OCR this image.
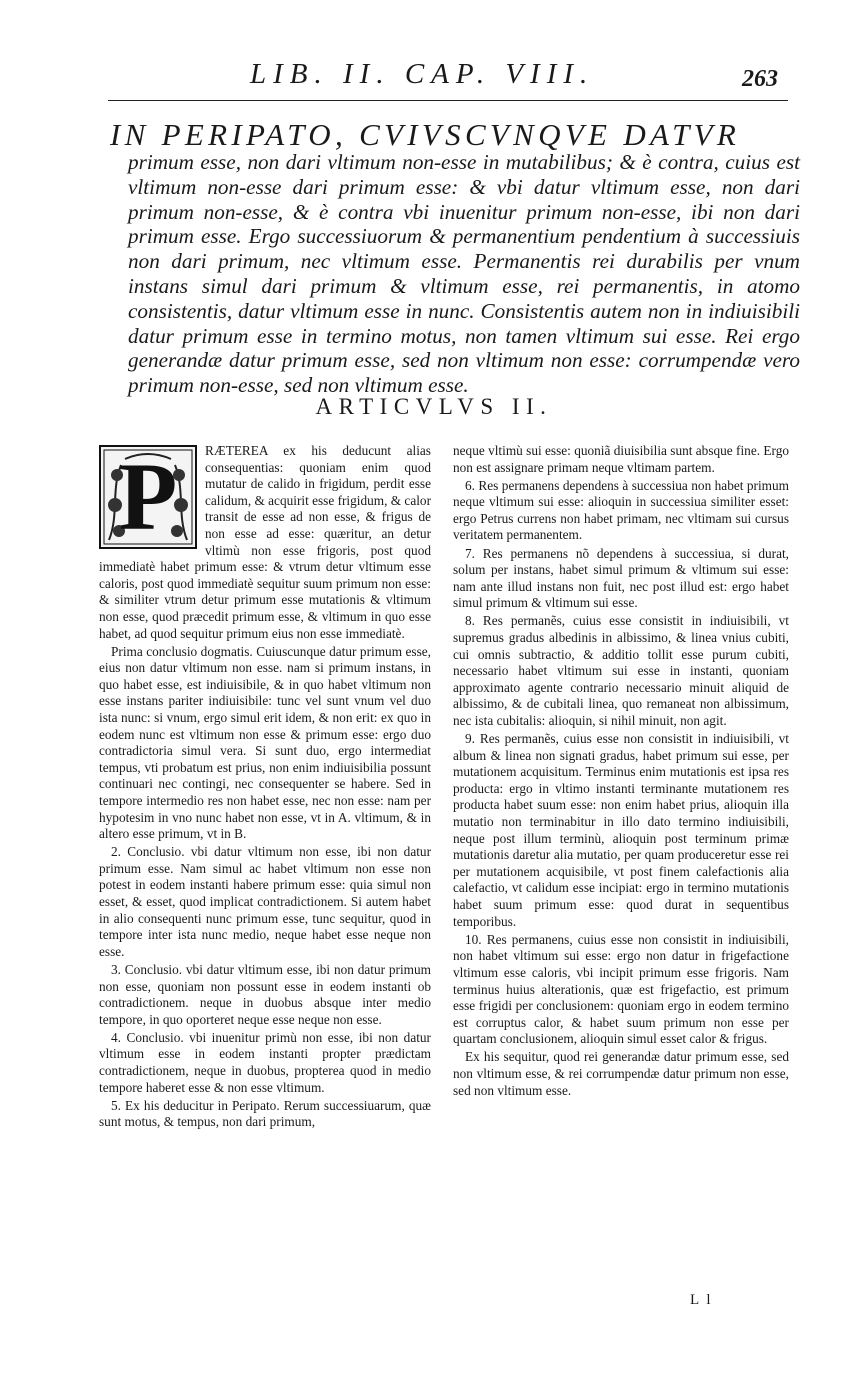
LIB. II. CAP. VIII.	263
IN PERIPATO, CVIVSCVNQVE DATVR
primum esse, non dari vltimum non-esse in mutabilibus; & è contra, cuius est vltimum non-esse dari primum esse: & vbi datur vltimum esse, non dari primum non-esse, & è contra vbi inuenitur primum non-esse, ibi non dari primum esse. Ergo successiuorum & permanentium pendentium à successiuis non dari primum, nec vltimum esse. Permanentis rei durabilis per vnum instans simul dari primum & vltimum esse, rei permanentis, in atomo consistentis, datur vltimum esse in nunc. Consistentis autem non in indiuisibili datur primum esse in termino motus, non tamen vltimum sui esse. Rei ergo generandæ datur primum esse, sed non vltimum non esse: corrumpendæ vero primum non-esse, sed non vltimum esse.
ARTICVLVS II.
P	RÆTEREA ex his deducunt alias consequentias: quoniam enim quod mutatur de calido in frigidum, perdit esse calidum, & acquirit esse frigidum, & calor transit de esse ad non esse, & frigus de non esse ad esse: quæritur, an detur vltimù non esse frigoris, post quod immediatè habet primum esse: & vtrum detur vltimum esse caloris, post quod immediatè sequitur suum primum non esse: & similiter vtrum detur primum esse mutationis & vltimum non esse, quod præcedit primum esse, & vltimum in quo esse habet, ad quod sequitur primum eius non esse immediatè.

Prima conclusio dogmatis. Cuiuscunque datur primum esse, eius non datur vltimum non esse. nam si primum instans, in quo habet esse, est indiuisibile, & in quo habet vltimum non esse instans pariter indiuisibile: tunc vel sunt vnum vel duo ista nunc: si vnum, ergo simul erit idem, & non erit: ex quo in eodem nunc est vltimum non esse & primum esse: ergo duo contradictoria simul vera. Si sunt duo, ergo intermediat tempus, vti probatum est prius, non enim indiuisibilia possunt continuari nec contingi, nec consequenter se habere. Sed in tempore intermedio res non habet esse, nec non esse: nam per hypotesim in vno nunc habet non esse, vt in A. vltimum, & in altero esse primum, vt in B.

2. Conclusio. vbi datur vltimum non esse, ibi non datur primum esse. Nam simul ac habet vltimum non esse non potest in eodem instanti habere primum esse: quia simul non esset, & esset, quod implicat contradictionem. Si autem habet in alio consequenti nunc primum esse, tunc sequitur, quod in tempore inter ista nunc medio, neque habet esse neque non esse.

3. Conclusio. vbi datur vltimum esse, ibi non datur primum non esse, quoniam non possunt esse in eodem instanti ob contradictionem. neque in duobus absque inter medio tempore, in quo oporteret neque esse neque non esse.

4. Conclusio. vbi inuenitur primù non esse, ibi non datur vltimum esse in eodem instanti propter prædictam contradictionem, neque in duobus, propterea quod in medio tempore haberet esse & non esse vltimum.

5. Ex his deducitur in Peripato. Rerum successiuarum, quæ sunt motus, & tempus, non dari primum,

neque vltimù sui esse: quoniã diuisibilia sunt absque fine. Ergo non est assignare primam neque vltimam partem.

6. Res permanens dependens à successiua non habet primum neque vltimum sui esse: alioquin in successiua similiter esset: ergo Petrus currens non habet primam, nec vltimam sui cursus veritatem permanentem.

7. Res permanens nõ dependens à successiua, si durat, solum per instans, habet simul primum & vltimum sui esse: nam ante illud instans non fuit, nec post illud est: ergo habet simul primum & vltimum sui esse.

8. Res permanẽs, cuius esse consistit in indiuisibili, vt supremus gradus albedinis in albissimo, & linea vnius cubiti, cui omnis subtractio, & additio tollit esse purum cubiti, necessario habet vltimum sui esse in instanti, quoniam approximato agente contrario necessario minuit aliquid de albissimo, & de cubitali linea, quo remaneat non albissimum, nec ista cubitalis: alioquin, si nihil minuit, non agit.

9. Res permanẽs, cuius esse non consistit in indiuisibili, vt album & linea non signati gradus, habet primum sui esse, per mutationem acquisitum. Terminus enim mutationis est ipsa res producta: ergo in vltimo instanti terminante mutationem res producta habet suum esse: non enim habet prius, alioquin illa mutatio non terminabitur in illo dato termino indiuisibili, neque post illum terminù, alioquin post terminum primæ mutationis daretur alia mutatio, per quam produceretur esse rei per mutationem acquisibile, vt post finem calefactionis alia calefactio, vt calidum esse incipiat: ergo in termino mutationis habet suum primum esse: quod durat in sequentibus temporibus.

10. Res permanens, cuius esse non consistit in indiuisibili, non habet vltimum sui esse: ergo non datur in frigefactione vltimum esse caloris, vbi incipit primum esse frigoris. Nam terminus huius alterationis, quæ est frigefactio, est primum esse frigidi per conclusionem: quoniam ergo in eodem termino est corruptus calor, & habet suum primum non esse per quartam conclusionem, alioquin simul esset calor & frigus.

Ex his sequitur, quod rei generandæ datur primum esse, sed non vltimum esse, & rei corrumpendæ datur primum non esse, sed non vltimum esse.

L l
